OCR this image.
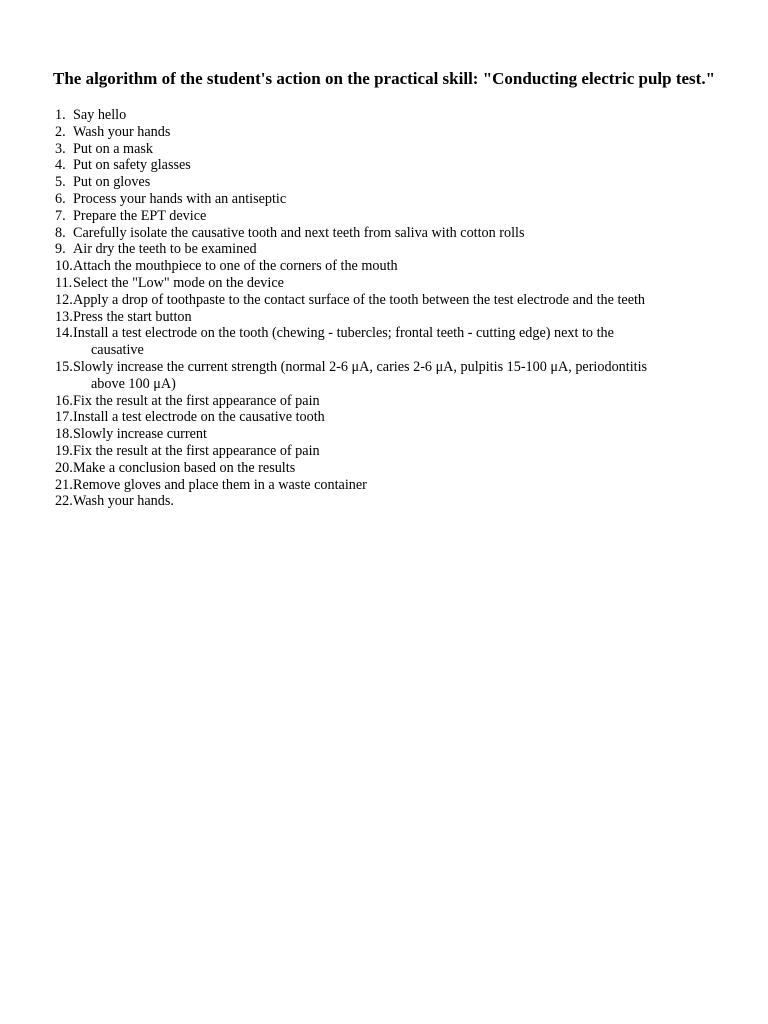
The algorithm of the student's action on the practical skill: "Conducting electric pulp test."
1. Say hello
2. Wash your hands
3. Put on a mask
4. Put on safety glasses
5. Put on gloves
6. Process your hands with an antiseptic
7. Prepare the EPT device
8. Carefully isolate the causative tooth and next teeth from saliva with cotton rolls
9. Air dry the teeth to be examined
10. Attach the mouthpiece to one of the corners of the mouth
11. Select the "Low" mode on the device
12. Apply a drop of toothpaste to the contact surface of the tooth between the test electrode and the teeth
13. Press the start button
14. Install a test electrode on the tooth (chewing - tubercles; frontal teeth - cutting edge) next to the
causative
15. Slowly increase the current strength (normal 2-6 μA, caries 2-6 μA, pulpitis 15-100 μA, periodontitis
above 100 μA)
16. Fix the result at the first appearance of pain
17. Install a test electrode on the causative tooth
18. Slowly increase current
19. Fix the result at the first appearance of pain
20. Make a conclusion based on the results
21. Remove gloves and place them in a waste container
22. Wash your hands.
